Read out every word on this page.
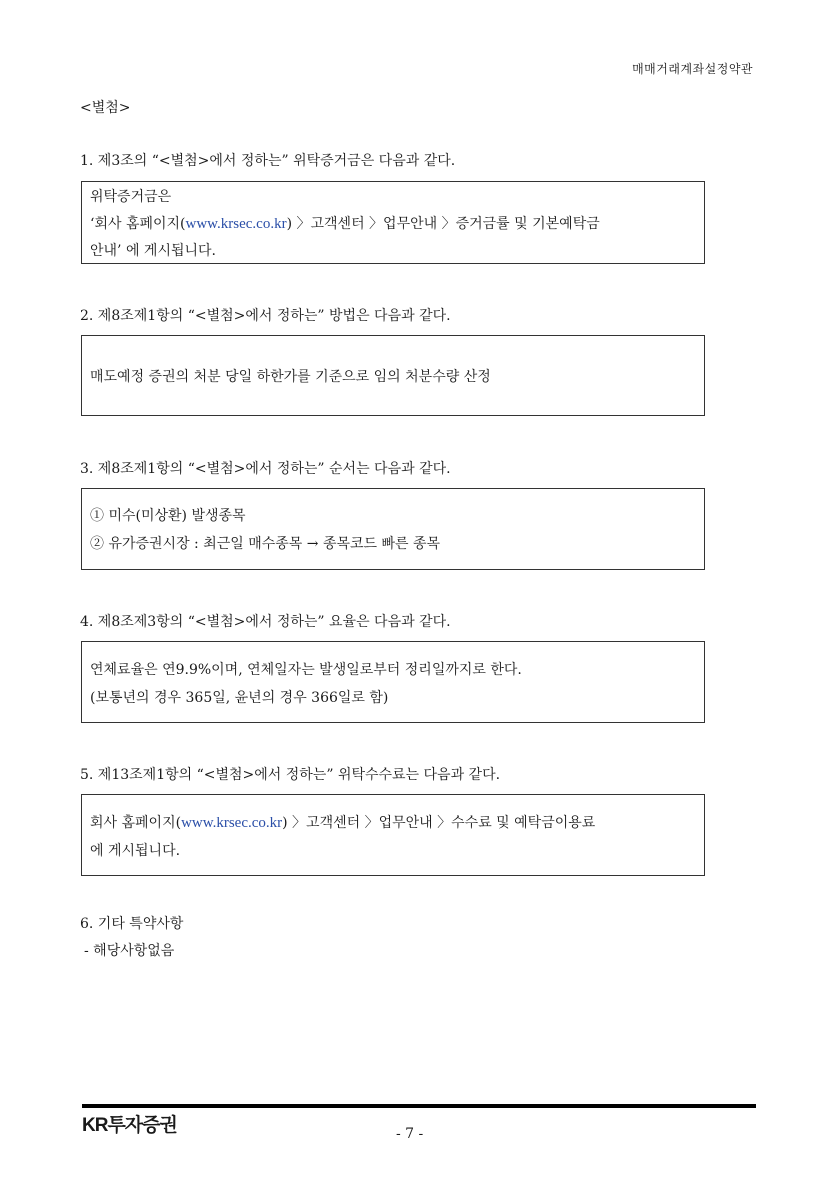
매매거래계좌설정약관
<별첨>
1. 제3조의 “<별첨>에서 정하는” 위탁증거금은 다음과 같다.
위탁증거금은
‘회사 홈페이지(www.krsec.co.kr) 〉고객센터 〉업무안내 〉증거금률 및 기본예탁금
안내’ 에 게시됩니다.
2. 제8조제1항의 “<별첨>에서 정하는” 방법은 다음과 같다.
매도예정 증권의 처분 당일 하한가를 기준으로 임의 처분수량 산정
3. 제8조제1항의 “<별첨>에서 정하는” 순서는 다음과 같다.
① 미수(미상환) 발생종목
② 유가증권시장 : 최근일 매수종목 → 종목코드 빠른 종목
4. 제8조제3항의 “<별첨>에서 정하는” 요율은 다음과 같다.
연체료율은 연9.9%이며, 연체일자는 발생일로부터 정리일까지로 한다.
(보통년의 경우 365일, 윤년의 경우 366일로 함)
5. 제13조제1항의 “<별첨>에서 정하는” 위탁수수료는 다음과 같다.
회사 홈페이지(www.krsec.co.kr) 〉고객센터 〉업무안내 〉수수료 및 예탁금이용료
에 게시됩니다.
6. 기타 특약사항
- 해당사항없음
KR투자증권	- 7 -
